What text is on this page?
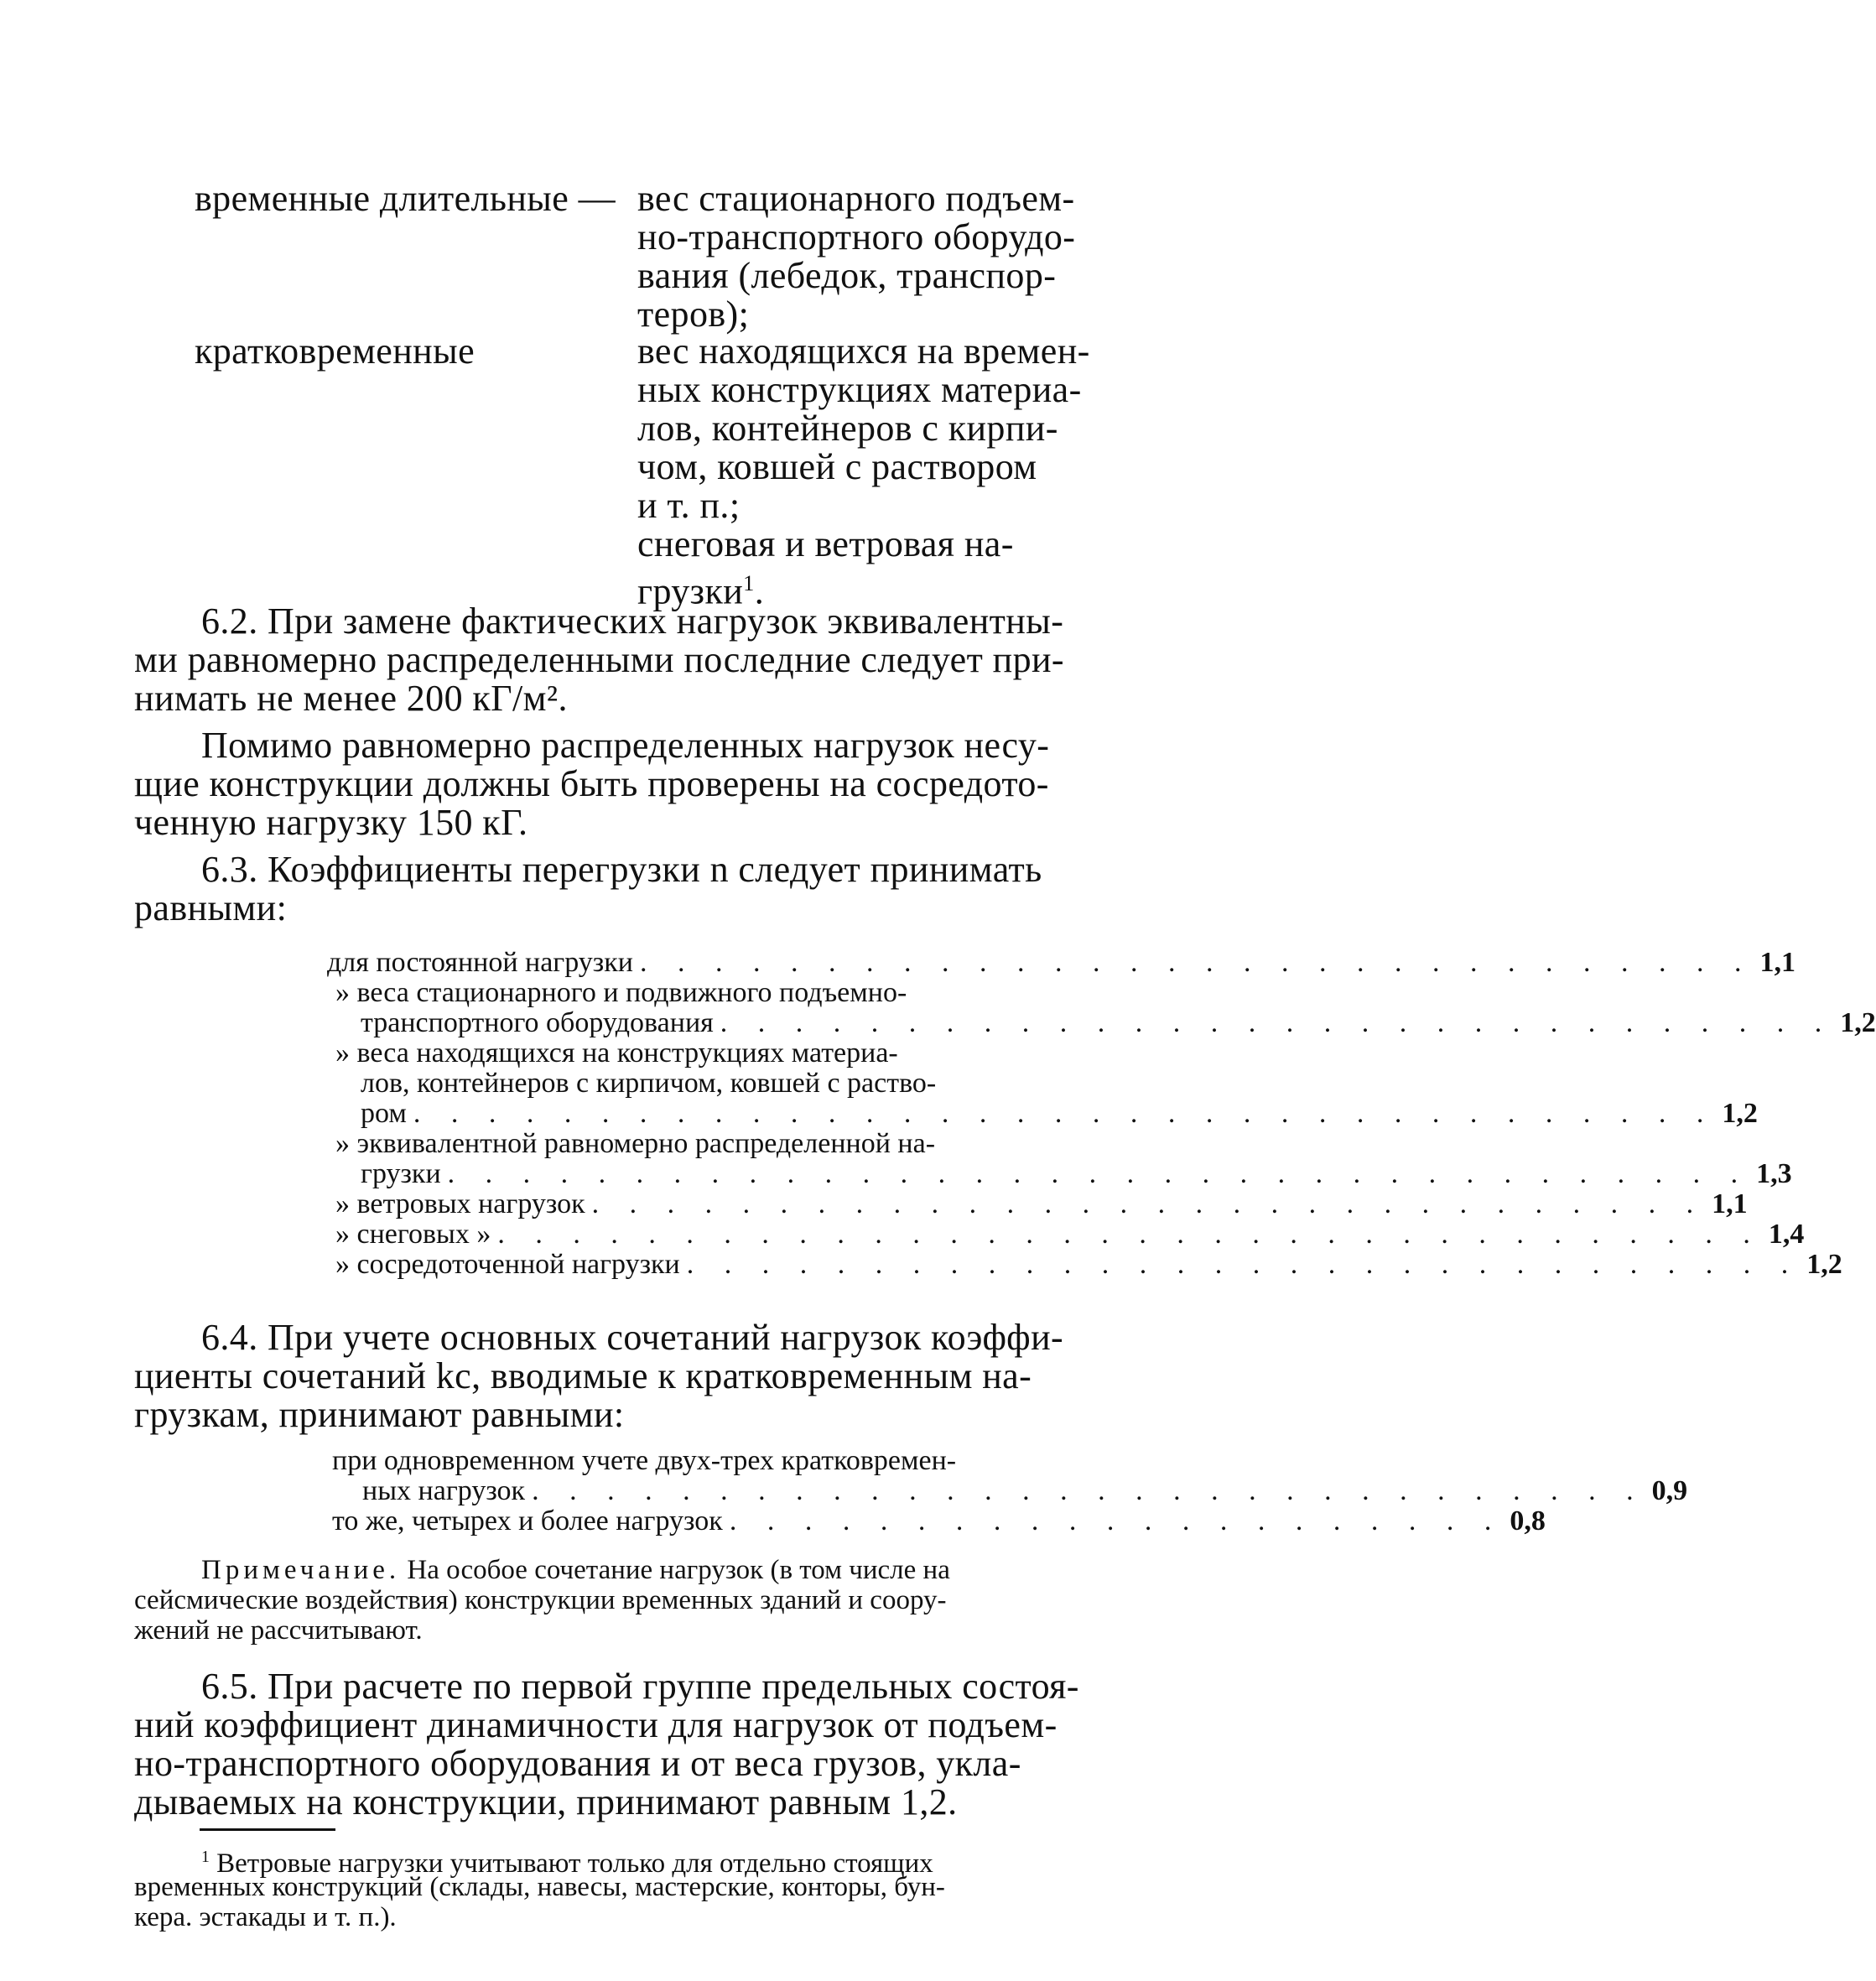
временные длительные — вес стационарного подъем-
но-транспортного оборудо-
вания (лебедок, транспор-
теров);
кратковременные	вес находящихся на времен-
ных конструкциях материа-
лов, контейнеров с кирпи-
чом, ковшей с раствором
и т. п.;
снеговая и ветровая на-
грузки$^1$.
6.2. При замене фактических нагрузок эквивалентны-
ми равномерно распределенными последние следует при-
нимать не менее 200 кГ/м².
Помимо равномерно распределенных нагрузок несу-
щие конструкции должны быть проверены на сосредото-
ченную нагрузку 150 кГ.
6.3. Коэффициенты перегрузки n следует принимать
равными:
для постоянной нагрузки . . . . . . . . . . . . . . . . . . . . . . . . . . . . . . 1,1
» веса стационарного и подвижного подъемно-
транспортного оборудования . . . . . . . . . . . . . . . . . . . . . . . . . . . . . . 1,2
» веса находящихся на конструкциях материа-
лов, контейнеров с кирпичом, ковшей с раство-
ром . . . . . . . . . . . . . . . . . . . . . . . . . . . . . . . . . . . 1,2
» эквивалентной равномерно распределенной на-
грузки . . . . . . . . . . . . . . . . . . . . . . . . . . . . . . . . . . . 1,3
» ветровых нагрузок . . . . . . . . . . . . . . . . . . . . . . . . . . . . . . 1,1
» снеговых » . . . . . . . . . . . . . . . . . . . . . . . . . . . . . . . . . . 1,4
» сосредоточенной нагрузки . . . . . . . . . . . . . . . . . . . . . . . . . . . . . . 1,2
6.4. При учете основных сочетаний нагрузок коэффи-
циенты сочетаний kc, вводимые к кратковременным на-
грузкам, принимают равными:
при одновременном учете двух-трех кратковремен-
ных нагрузок . . . . . . . . . . . . . . . . . . . . . . . . . . . . . . 0,9
то же, четырех и более нагрузок . . . . . . . . . . . . . . . . . . . . . 0,8
Примечание. На особое сочетание нагрузок (в том числе на
сейсмические воздействия) конструкции временных зданий и соору-
жений не рассчитывают.
6.5. При расчете по первой группе предельных состоя-
ний коэффициент динамичности для нагрузок от подъем-
но-транспортного оборудования и от веса грузов, укла-
дываемых на конструкции, принимают равным 1,2.
$^1$ Ветровые нагрузки учитывают только для отдельно стоящих
временных конструкций (склады, навесы, мастерские, конторы, бун-
кера. эстакады и т. п.).
